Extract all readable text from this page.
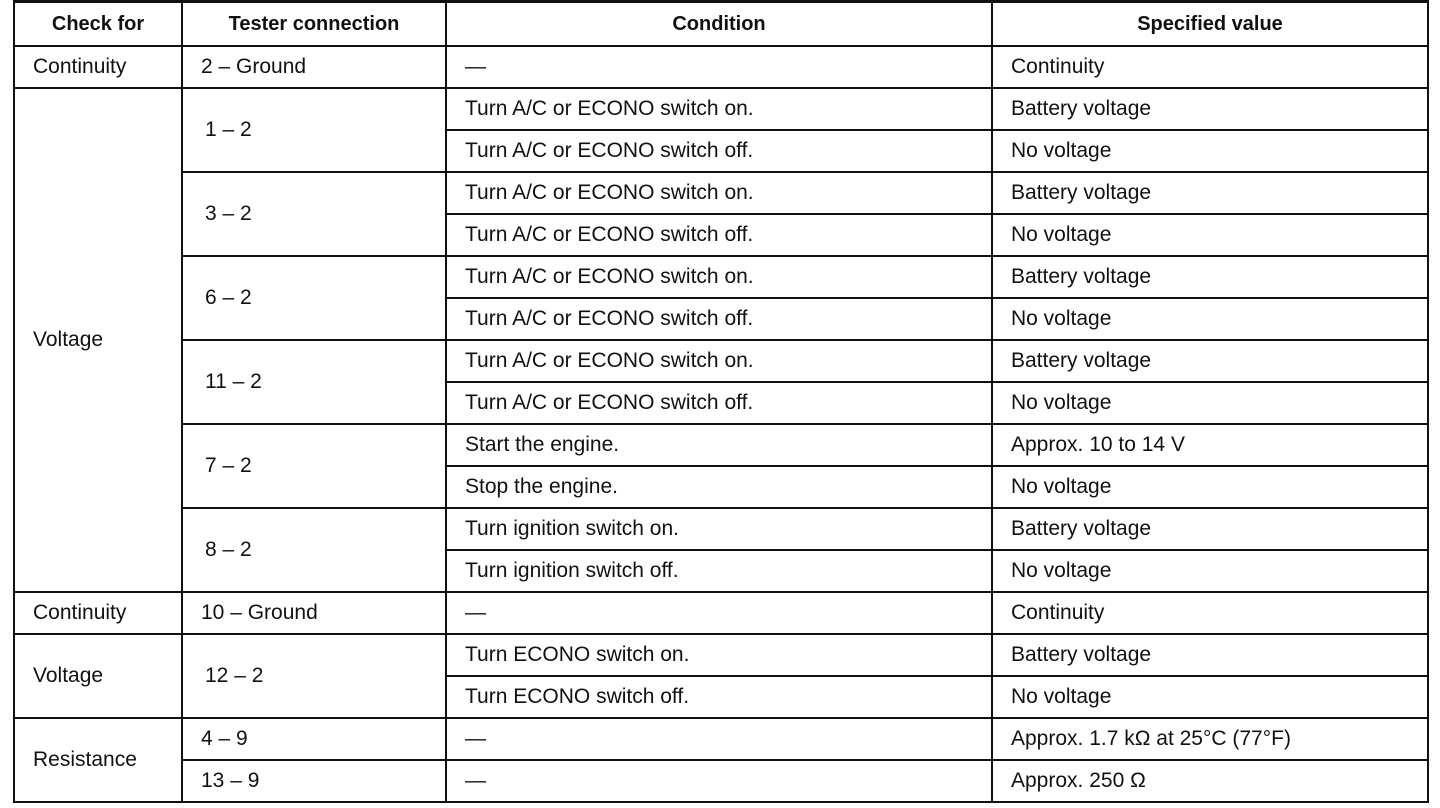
Check for	Tester connection	Condition	Specified value
Continuity	2 – Ground	—	Continuity
Voltage	1 – 2	Turn A/C or ECONO switch on.	Battery voltage
		Turn A/C or ECONO switch off.	No voltage
	3 – 2	Turn A/C or ECONO switch on.	Battery voltage
		Turn A/C or ECONO switch off.	No voltage
	6 – 2	Turn A/C or ECONO switch on.	Battery voltage
		Turn A/C or ECONO switch off.	No voltage
	11 – 2	Turn A/C or ECONO switch on.	Battery voltage
		Turn A/C or ECONO switch off.	No voltage
	7 – 2	Start the engine.	Approx. 10 to 14 V
		Stop the engine.	No voltage
	8 – 2	Turn ignition switch on.	Battery voltage
		Turn ignition switch off.	No voltage
Continuity	10 – Ground	—	Continuity
Voltage	12 – 2	Turn ECONO switch on.	Battery voltage
		Turn ECONO switch off.	No voltage
Resistance	4 – 9	—	Approx. 1.7 kΩ at 25°C (77°F)
	13 – 9	—	Approx. 250 Ω
